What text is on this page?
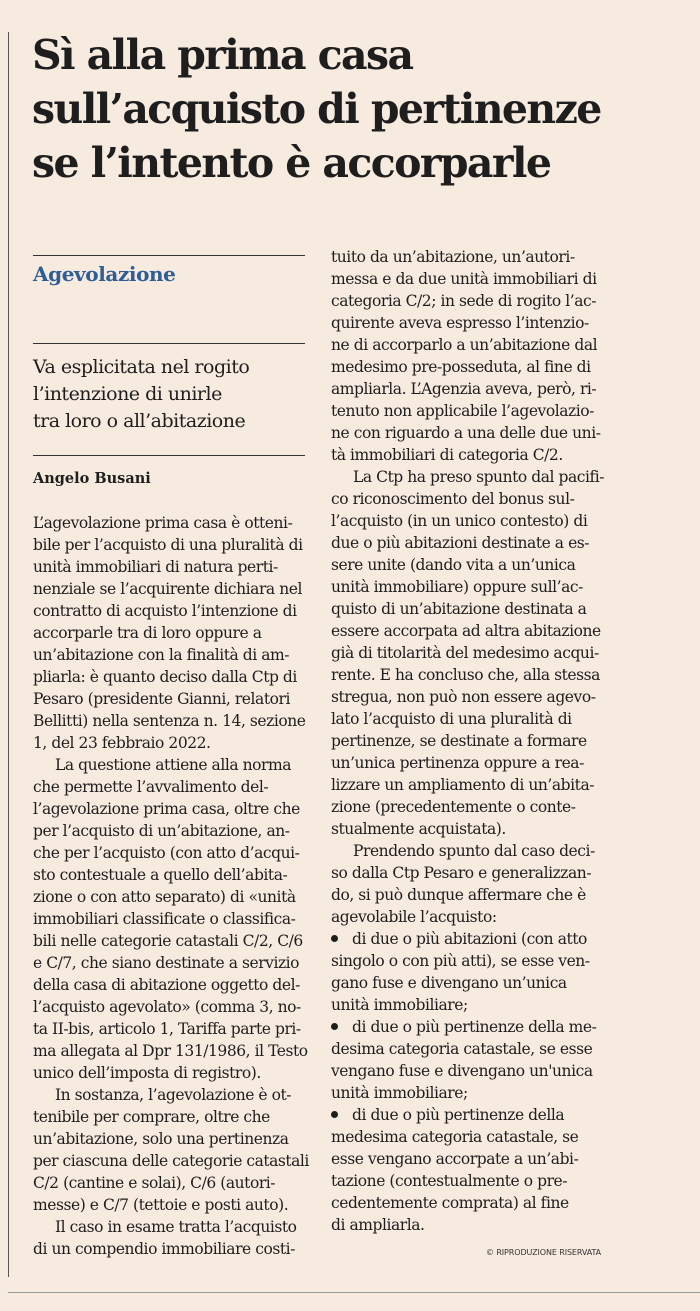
Sì alla prima casa
sull’acquisto di pertinenze
se l’intento è accorparle
Agevolazione
Va esplicitata nel rogito
l’intenzione di unirle
tra loro o all’abitazione
Angelo Busani
L’agevolazione prima casa è otteni-
bile per l’acquisto di una pluralità di
unità immobiliari di natura perti-
nenziale se l’acquirente dichiara nel
contratto di acquisto l’intenzione di
accorparle tra di loro oppure a
un’abitazione con la finalità di am-
pliarla: è quanto deciso dalla Ctp di
Pesaro (presidente Gianni, relatori
Bellitti) nella sentenza n. 14, sezione
1, del 23 febbraio 2022.
La questione attiene alla norma
che permette l’avvalimento del-
l’agevolazione prima casa, oltre che
per l’acquisto di un’abitazione, an-
che per l’acquisto (con atto d’acqui-
sto contestuale a quello dell’abita-
zione o con atto separato) di «unità
immobiliari classificate o classifica-
bili nelle categorie catastali C/2, C/6
e C/7, che siano destinate a servizio
della casa di abitazione oggetto del-
l’acquisto agevolato» (comma 3, no-
ta II-bis, articolo 1, Tariffa parte pri-
ma allegata al Dpr 131/1986, il Testo
unico dell’imposta di registro).
In sostanza, l’agevolazione è ot-
tenibile per comprare, oltre che
un’abitazione, solo una pertinenza
per ciascuna delle categorie catastali
C/2 (cantine e solai), C/6 (autori-
messe) e C/7 (tettoie e posti auto).
Il caso in esame tratta l’acquisto
di un compendio immobiliare costi-
tuito da un’abitazione, un’autori-
messa e da due unità immobiliari di
categoria C/2; in sede di rogito l’ac-
quirente aveva espresso l’intenzio-
ne di accorparlo a un’abitazione dal
medesimo pre-posseduta, al fine di
ampliarla. L’Agenzia aveva, però, ri-
tenuto non applicabile l’agevolazio-
ne con riguardo a una delle due uni-
tà immobiliari di categoria C/2.
La Ctp ha preso spunto dal pacifi-
co riconoscimento del bonus sul-
l’acquisto (in un unico contesto) di
due o più abitazioni destinate a es-
sere unite (dando vita a un’unica
unità immobiliare) oppure sull’ac-
quisto di un’abitazione destinata a
essere accorpata ad altra abitazione
già di titolarità del medesimo acqui-
rente. E ha concluso che, alla stessa
stregua, non può non essere agevo-
lato l’acquisto di una pluralità di
pertinenze, se destinate a formare
un’unica pertinenza oppure a rea-
lizzare un ampliamento di un’abita-
zione (precedentemente o conte-
stualmente acquistata).
Prendendo spunto dal caso deci-
so dalla Ctp Pesaro e generalizzan-
do, si può dunque affermare che è
agevolabile l’acquisto:
di due o più abitazioni (con atto
singolo o con più atti), se esse ven-
gano fuse e divengano un’unica
unità immobiliare;
di due o più pertinenze della me-
desima categoria catastale, se esse
vengano fuse e divengano un'unica
unità immobiliare;
di due o più pertinenze della
medesima categoria catastale, se
esse vengano accorpate a un’abi-
tazione (contestualmente o pre-
cedentemente comprata) al fine
di ampliarla.
© RIPRODUZIONE RISERVATA
